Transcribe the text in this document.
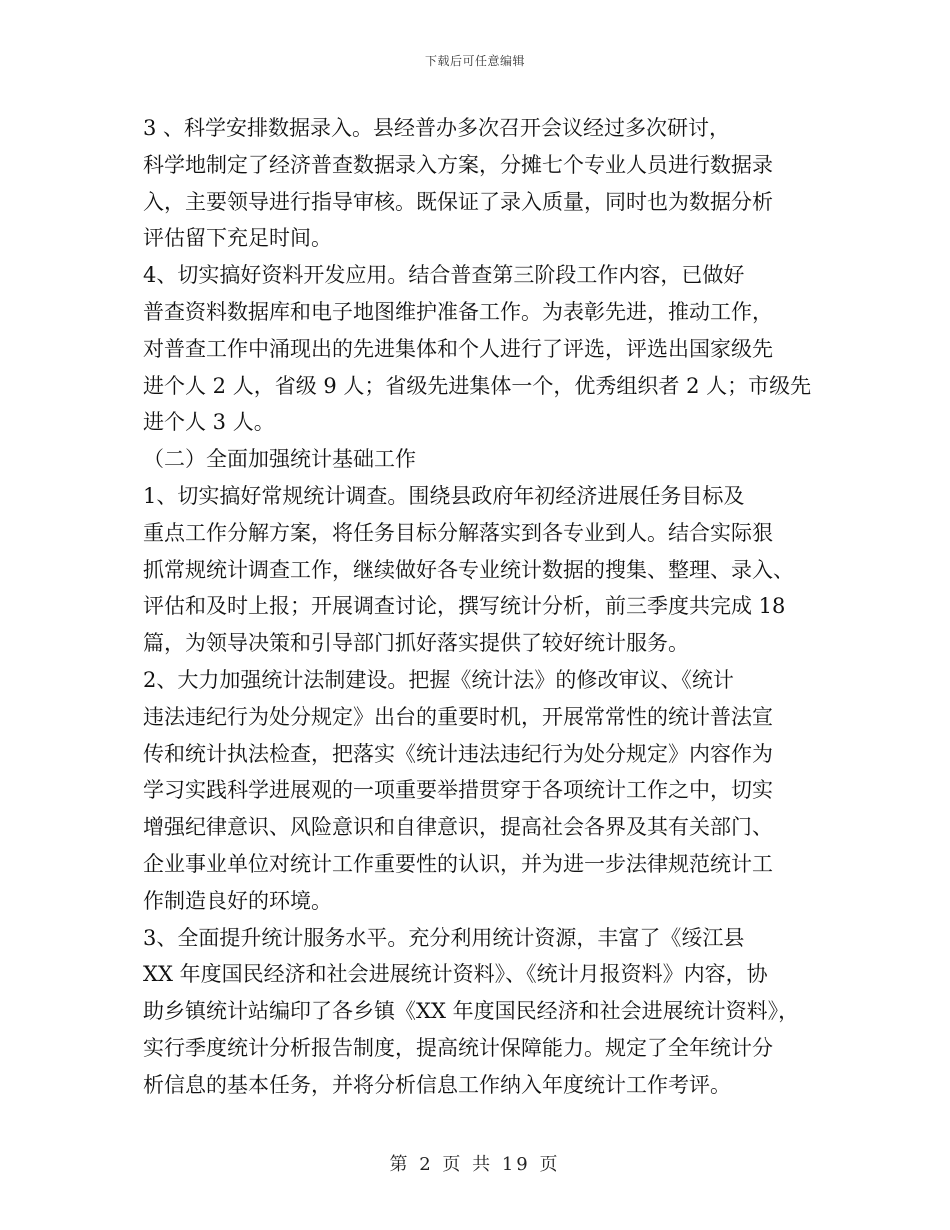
下载后可任意编辑

3 、科学安排数据录入。县经普办多次召开会议经过多次研讨，

科学地制定了经济普查数据录入方案，分摊七个专业人员进行数据录

入，主要领导进行指导审核。既保证了录入质量，同时也为数据分析

评估留下充足时间。

4、切实搞好资料开发应用。结合普查第三阶段工作内容，已做好

普查资料数据库和电子地图维护准备工作。为表彰先进，推动工作，

对普查工作中涌现出的先进集体和个人进行了评选，评选出国家级先

进个人 2 人，省级 9 人；省级先进集体一个，优秀组织者 2 人；市级先

进个人 3 人。

（二）全面加强统计基础工作

1、切实搞好常规统计调查。围绕县政府年初经济进展任务目标及

重点工作分解方案，将任务目标分解落实到各专业到人。结合实际狠

抓常规统计调查工作，继续做好各专业统计数据的搜集、整理、录入、

评估和及时上报；开展调查讨论，撰写统计分析，前三季度共完成 18

篇，为领导决策和引导部门抓好落实提供了较好统计服务。

2、大力加强统计法制建设。把握《统计法》的修改审议、《统计

违法违纪行为处分规定》出台的重要时机，开展常常性的统计普法宣

传和统计执法检查，把落实《统计违法违纪行为处分规定》内容作为

学习实践科学进展观的一项重要举措贯穿于各项统计工作之中，切实

增强纪律意识、风险意识和自律意识，提高社会各界及其有关部门、

企业事业单位对统计工作重要性的认识，并为进一步法律规范统计工

作制造良好的环境。

3、全面提升统计服务水平。充分利用统计资源，丰富了《绥江县

XX 年度国民经济和社会进展统计资料》、《统计月报资料》内容，协

助乡镇统计站编印了各乡镇《XX 年度国民经济和社会进展统计资料》，

实行季度统计分析报告制度，提高统计保障能力。规定了全年统计分

析信息的基本任务，并将分析信息工作纳入年度统计工作考评。

第 2 页 共 19 页
